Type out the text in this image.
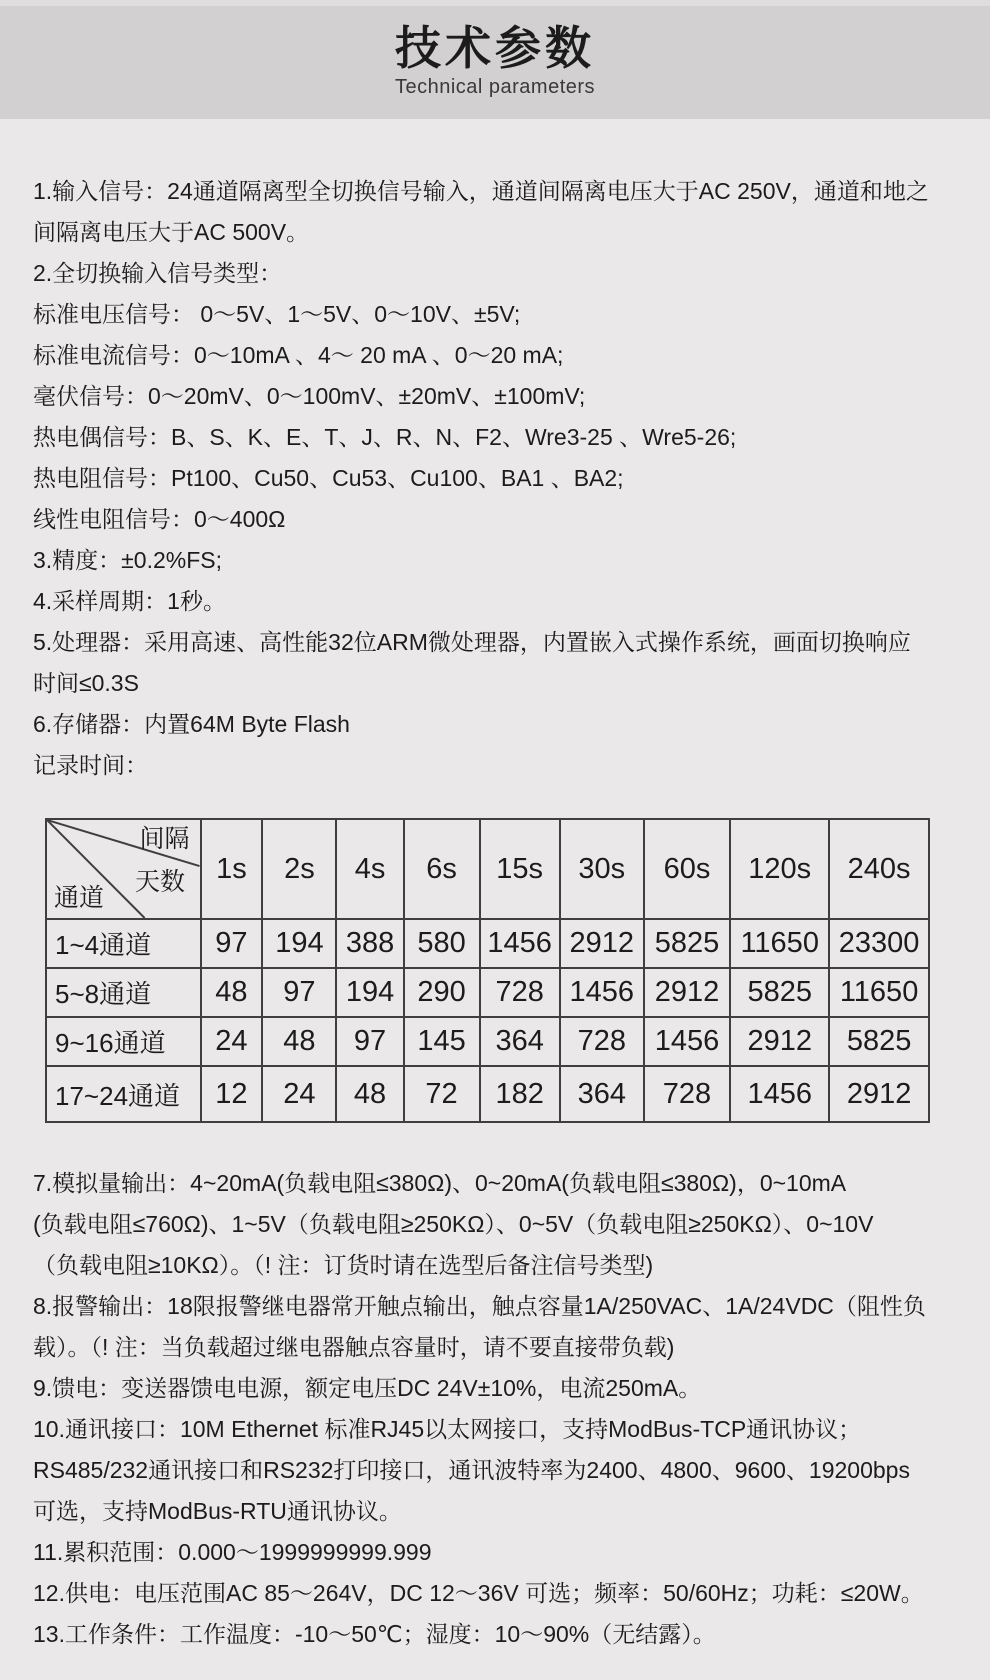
技术参数
Technical parameters
1.输入信号：24通道隔离型全切换信号输入，通道间隔离电压大于AC 250V，通道和地之
间隔离电压大于AC 500V。
2.全切换输入信号类型：
标准电压信号： 0～5V、1～5V、0～10V、±5V;
标准电流信号：0～10mA 、4～ 20 mA 、0～20 mA;
毫伏信号：0～20mV、0～100mV、±20mV、±100mV;
热电偶信号：B、S、K、E、T、J、R、N、F2、Wre3-25 、Wre5-26;
热电阻信号：Pt100、Cu50、Cu53、Cu100、BA1 、BA2;
线性电阻信号：0～400Ω
3.精度：±0.2%FS;
4.采样周期：1秒。
5.处理器：采用高速、高性能32位ARM微处理器，内置嵌入式操作系统，画面切换响应
时间≤0.3S
6.存储器：内置64M Byte Flash
记录时间：
间隔
天数
通道	1s	2s	4s	6s	15s	30s	60s	120s	240s
1~4通道	97	194	388	580	1456	2912	5825	11650	23300
5~8通道	48	97	194	290	728	1456	2912	5825	11650
9~16通道	24	48	97	145	364	728	1456	2912	5825
17~24通道	12	24	48	72	182	364	728	1456	2912
7.模拟量输出：4~20mA(负载电阻≤380Ω)、0~20mA(负载电阻≤380Ω)，0~10mA
(负载电阻≤760Ω)、1~5V（负载电阻≥250KΩ）、0~5V（负载电阻≥250KΩ）、0~10V
（负载电阻≥10KΩ）。（! 注：订货时请在选型后备注信号类型)
8.报警输出：18限报警继电器常开触点输出，触点容量1A/250VAC、1A/24VDC（阻性负
载）。（! 注：当负载超过继电器触点容量时，请不要直接带负载)
9.馈电：变送器馈电电源，额定电压DC 24V±10%，电流250mA。
10.通讯接口：10M Ethernet 标准RJ45以太网接口，支持ModBus-TCP通讯协议；
RS485/232通讯接口和RS232打印接口，通讯波特率为2400、4800、9600、19200bps
可选，支持ModBus-RTU通讯协议。
11.累积范围：0.000～1999999999.999
12.供电：电压范围AC 85～264V，DC 12～36V 可选；频率：50/60Hz；功耗：≤20W。
13.工作条件：工作温度：-10～50℃；湿度：10～90%（无结露）。
